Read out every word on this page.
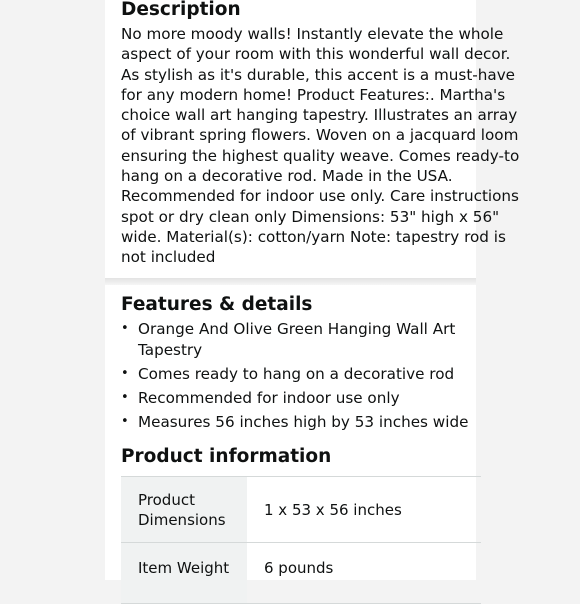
Description

No more moody walls! Instantly elevate the whole
aspect of your room with this wonderful wall decor.
As stylish as it's durable, this accent is a must-have
for any modern home! Product Features:. Martha's
choice wall art hanging tapestry. Illustrates an array
of vibrant spring flowers. Woven on a jacquard loom
ensuring the highest quality weave. Comes ready-to
hang on a decorative rod. Made in the USA.
Recommended for indoor use only. Care instructions
spot or dry clean only Dimensions: 53" high x 56"
wide. Material(s): cotton/yarn Note: tapestry rod is
not included

Features & details
• Orange And Olive Green Hanging Wall Art
Tapestry
• Comes ready to hang on a decorative rod
• Recommended for indoor use only
• Measures 56 inches high by 53 inches wide
Product information
Product
Dimensions
1 x 53 x 56 inches
Item Weight	6 pounds
